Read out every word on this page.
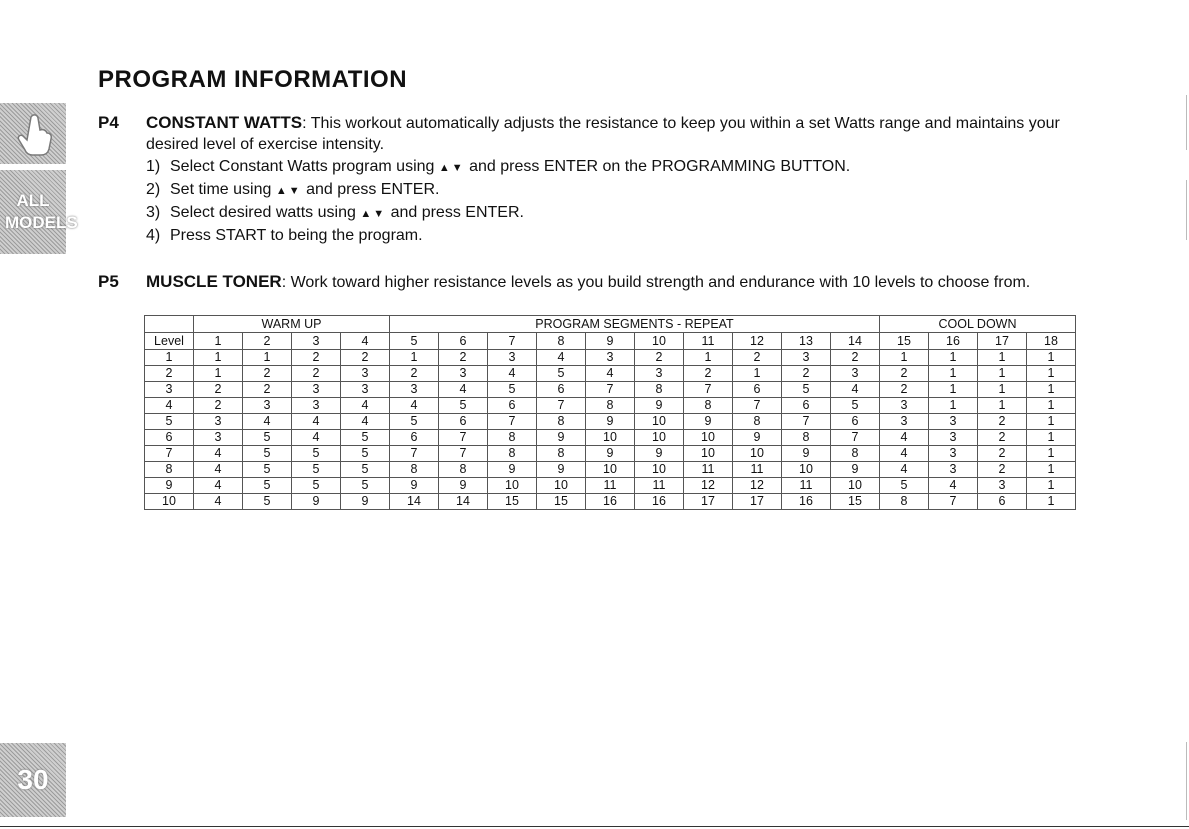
PROGRAM INFORMATION
ALL MODELS
30
P4 CONSTANT WATTS: This workout automatically adjusts the resistance to keep you within a set Watts range and maintains your desired level of exercise intensity.
1) Select Constant Watts program using ▲▼ and press ENTER on the PROGRAMMING BUTTON.
2) Set time using ▲▼ and press ENTER.
3) Select desired watts using ▲▼ and press ENTER.
4) Press START to being the program.
P5 MUSCLE TONER: Work toward higher resistance levels as you build strength and endurance with 10 levels to choose from.
	WARM UP				PROGRAM SEGMENTS - REPEAT										COOL DOWN			
Level	1	2	3	4	5	6	7	8	9	10	11	12	13	14	15	16	17	18
1	1	1	2	2	1	2	3	4	3	2	1	2	3	2	1	1	1	1
2	1	2	2	3	2	3	4	5	4	3	2	1	2	3	2	1	1	1
3	2	2	3	3	3	4	5	6	7	8	7	6	5	4	2	1	1	1
4	2	3	3	4	4	5	6	7	8	9	8	7	6	5	3	1	1	1
5	3	4	4	4	5	6	7	8	9	10	9	8	7	6	3	3	2	1
6	3	5	4	5	6	7	8	9	10	10	10	9	8	7	4	3	2	1
7	4	5	5	5	7	7	8	8	9	9	10	10	9	8	4	3	2	1
8	4	5	5	5	8	8	9	9	10	10	11	11	10	9	4	3	2	1
9	4	5	5	5	9	9	10	10	11	11	12	12	11	10	5	4	3	1
10	4	5	9	9	14	14	15	15	16	16	17	17	16	15	8	7	6	1
